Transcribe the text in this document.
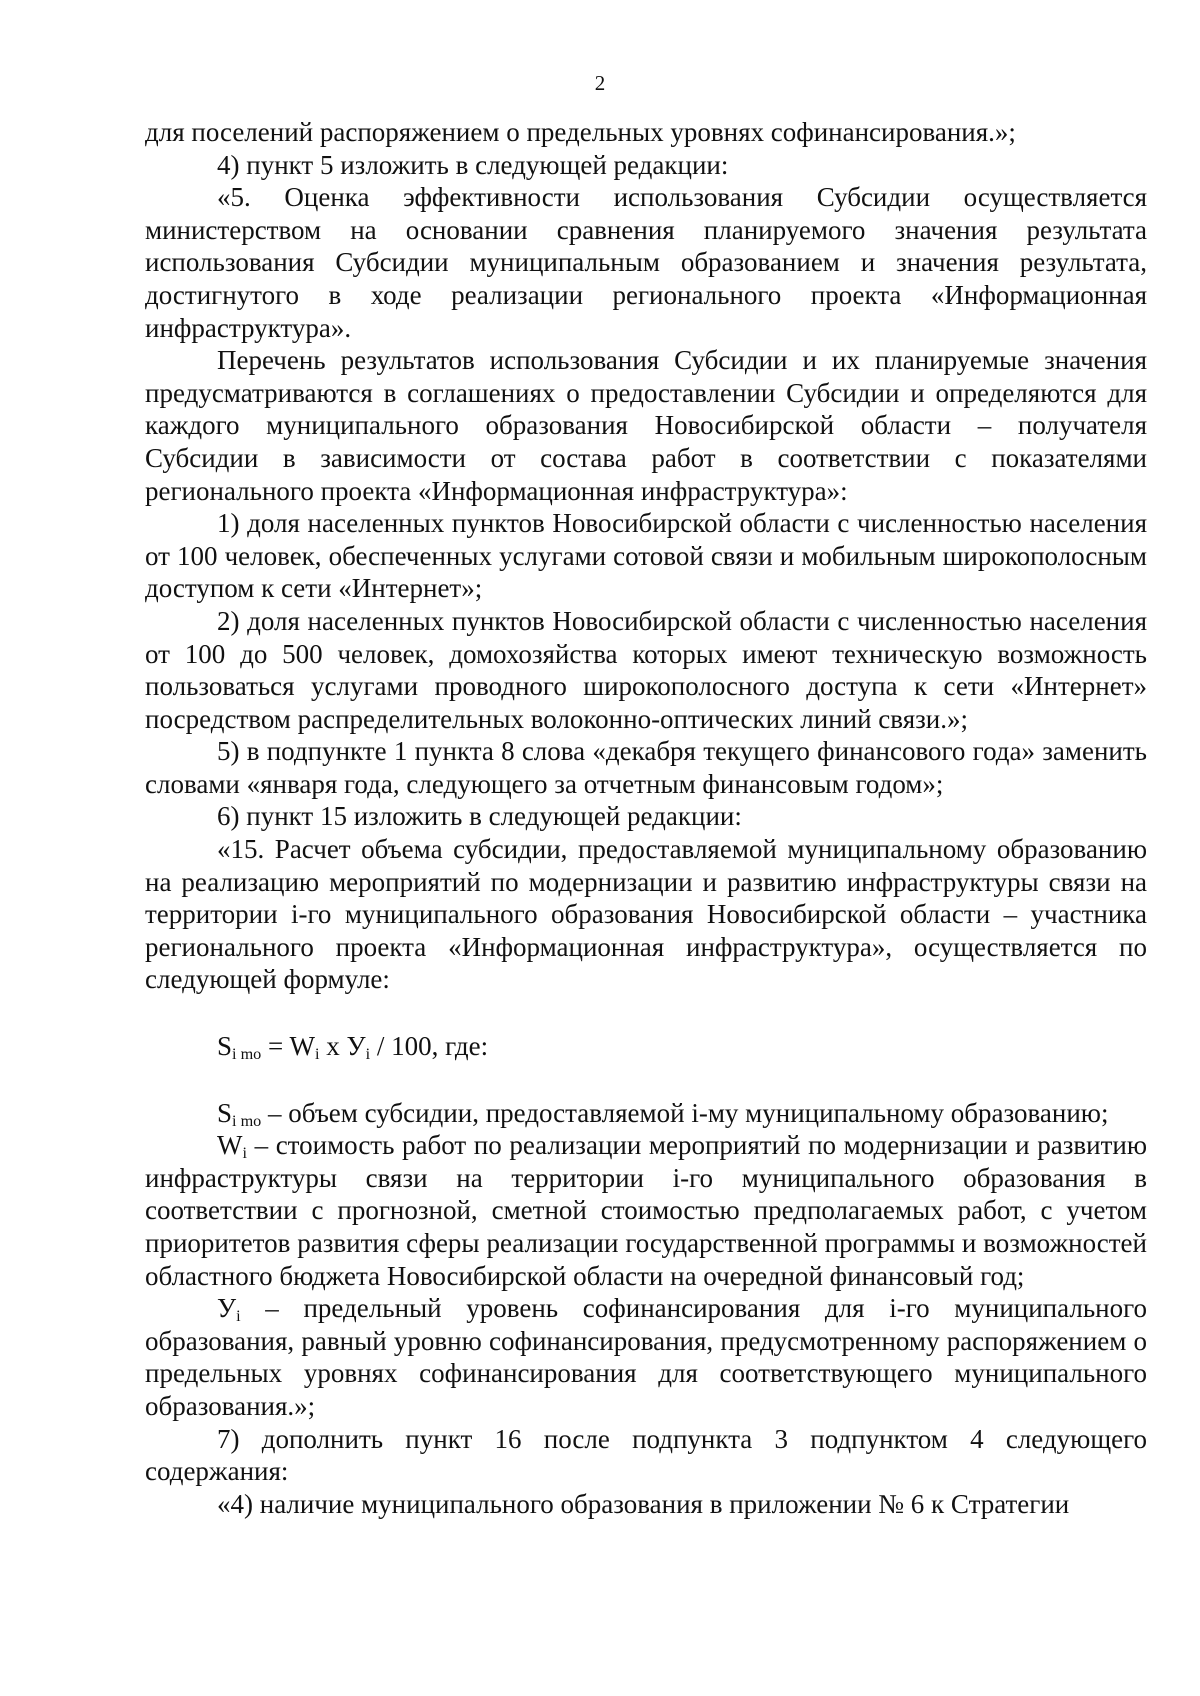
2

для поселений распоряжением о предельных уровнях софинансирования.»;

4) пункт 5 изложить в следующей редакции:

«5. Оценка эффективности использования Субсидии осуществляется министерством на основании сравнения планируемого значения результата использования Субсидии муниципальным образованием и значения результата, достигнутого в ходе реализации регионального проекта «Информационная инфраструктура».

Перечень результатов использования Субсидии и их планируемые значения предусматриваются в соглашениях о предоставлении Субсидии и определяются для каждого муниципального образования Новосибирской области – получателя Субсидии в зависимости от состава работ в соответствии с показателями регионального проекта «Информационная инфраструктура»:

1) доля населенных пунктов Новосибирской области с численностью населения от 100 человек, обеспеченных услугами сотовой связи и мобильным широкополосным доступом к сети «Интернет»;

2) доля населенных пунктов Новосибирской области с численностью населения от 100 до 500 человек, домохозяйства которых имеют техническую возможность пользоваться услугами проводного широкополосного доступа к сети «Интернет» посредством распределительных волоконно-оптических линий связи.»;

5) в подпункте 1 пункта 8 слова «декабря текущего финансового года» заменить словами «января года, следующего за отчетным финансовым годом»;

6) пункт 15 изложить в следующей редакции:

«15. Расчет объема субсидии, предоставляемой муниципальному образованию на реализацию мероприятий по модернизации и развитию инфраструктуры связи на территории i-го муниципального образования Новосибирской области – участника регионального проекта «Информационная инфраструктура», осуществляется по следующей формуле:

$S_{i mo} = W_i$ x $У_i / 100$, где:

$S_{i mo}$ – объем субсидии, предоставляемой i-му муниципальному образованию;

$W_i$ – стоимость работ по реализации мероприятий по модернизации и развитию инфраструктуры связи на территории i-го муниципального образования в соответствии с прогнозной, сметной стоимостью предполагаемых работ, с учетом приоритетов развития сферы реализации государственной программы и возможностей областного бюджета Новосибирской области на очередной финансовый год;

$У_i$ – предельный уровень софинансирования для i-го муниципального образования, равный уровню софинансирования, предусмотренному распоряжением о предельных уровнях софинансирования для соответствующего муниципального образования.»;

7) дополнить пункт 16 после подпункта 3 подпунктом 4 следующего содержания:

«4) наличие муниципального образования в приложении № 6 к Стратегии
